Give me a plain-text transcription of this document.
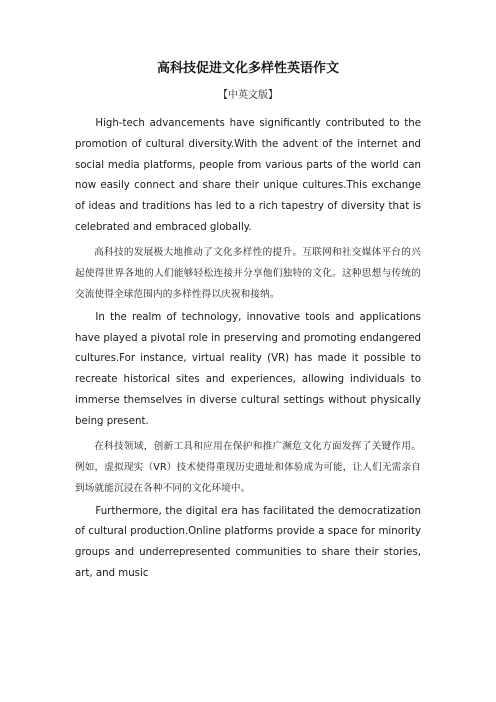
高科技促进文化多样性英语作文
【中英文版】

High-tech advancements have significantly contributed to the promotion of cultural diversity.With the advent of the internet and social media platforms, people from various parts of the world can now easily connect and share their unique cultures.This exchange of ideas and traditions has led to a rich tapestry of diversity that is celebrated and embraced globally.

高科技的发展极大地推动了文化多样性的提升。互联网和社交媒体平台的兴起使得世界各地的人们能够轻松连接并分享他们独特的文化。这种思想与传统的交流使得全球范围内的多样性得以庆祝和接纳。

In the realm of technology, innovative tools and applications have played a pivotal role in preserving and promoting endangered cultures.For instance, virtual reality (VR) has made it possible to recreate historical sites and experiences, allowing individuals to immerse themselves in diverse cultural settings without physically being present.

在科技领域，创新工具和应用在保护和推广濒危文化方面发挥了关键作用。例如，虚拟现实（VR）技术使得重现历史遗址和体验成为可能，让人们无需亲自到场就能沉浸在各种不同的文化环境中。

Furthermore, the digital era has facilitated the democratization of cultural production.Online platforms provide a space for minority groups and underrepresented communities to share their stories, art, and music
